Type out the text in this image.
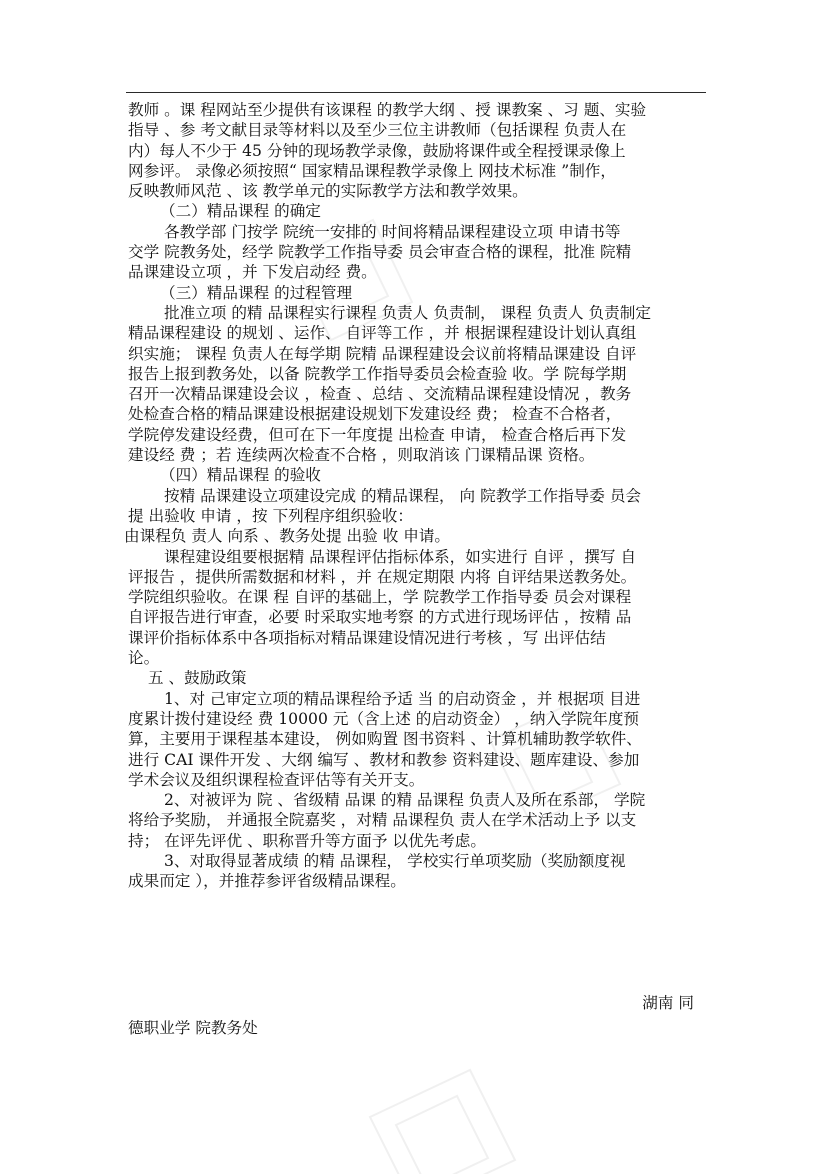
教师 。课 程网站至少提供有该课程 的教学大纲 、授 课教案 、习 题、实验
指导 、参 考文献目录等材料以及至少三位主讲教师（包括课程 负责人在
内）每人不少于 45 分钟的现场教学录像，鼓励将课件或全程授课录像上
网参评。 录像必须按照“ 国家精品课程教学录像上 网技术标准 ”制作，
反映教师风范 、该 教学单元的实际教学方法和教学效果。
（二）精品课程 的确定
各教学部 门按学 院统一安排的 时间将精品课程建设立项 申请书等
交学 院教务处，经学 院教学工作指导委 员会审查合格的课程，批准 院精
品课建设立项 ，并 下发启动经 费。
（三）精品课程 的过程管理
批准立项 的精 品课程实行课程 负责人 负责制， 课程 负责人 负责制定
精品课程建设 的规划 、运作、 自评等工作 ，并 根据课程建设计划认真组
织实施； 课程 负责人在每学期 院精 品课程建设会议前将精品课建设 自评
报告上报到教务处，以备 院教学工作指导委员会检查验 收。学 院每学期
召开一次精品课建设会议 ，检查 、总结 、交流精品课程建设情况 ，教务
处检查合格的精品课建设根据建设规划下发建设经 费； 检查不合格者，
学院停发建设经费，但可在下一年度提 出检查 申请， 检查合格后再下发
建设经 费 ；若 连续两次检查不合格 ，则取消该 门课精品课 资格。
（四）精品课程 的验收
按精 品课建设立项建设完成 的精品课程， 向 院教学工作指导委 员会
提 出验收 申请 ，按 下列程序组织验收：
由课程负 责人 向系 、教务处提 出验 收 申请。
课程建设组要根据精 品课程评估指标体系，如实进行 自评 ，撰写 自
评报告 ，提供所需数据和材料 ，并 在规定期限 内将 自评结果送教务处。
学院组织验收。在课 程 自评的基础上，学 院教学工作指导委 员会对课程
自评报告进行审查，必要 时采取实地考察 的方式进行现场评估 ，按精 品
课评价指标体系中各项指标对精品课建设情况进行考核 ，写 出评估结
论。
五 、鼓励政策
1、对 己审定立项的精品课程给予适 当 的启动资金 ，并 根据项 目进
度累计拨付建设经 费 10000 元（含上述 的启动资金） ，纳入学院年度预
算，主要用于课程基本建设， 例如购置 图书资料 、计算机辅助教学软件、
进行 CAI 课件开发 、大纲 编写 、教材和教参 资料建设、题库建设、参加
学术会议及组织课程检查评估等有关开支。
2、对被评为 院 、省级精 品课 的精 品课程 负责人及所在系部， 学院
将给予奖励， 并通报全院嘉奖 ，对精 品课程负 责人在学术活动上予 以支
持； 在评先评优 、职称晋升等方面予 以优先考虑。
3、对取得显著成绩 的精 品课程， 学校实行单项奖励（奖励额度视
成果而定 ），并推荐参评省级精品课程。
湖南 同
德职业学 院教务处
